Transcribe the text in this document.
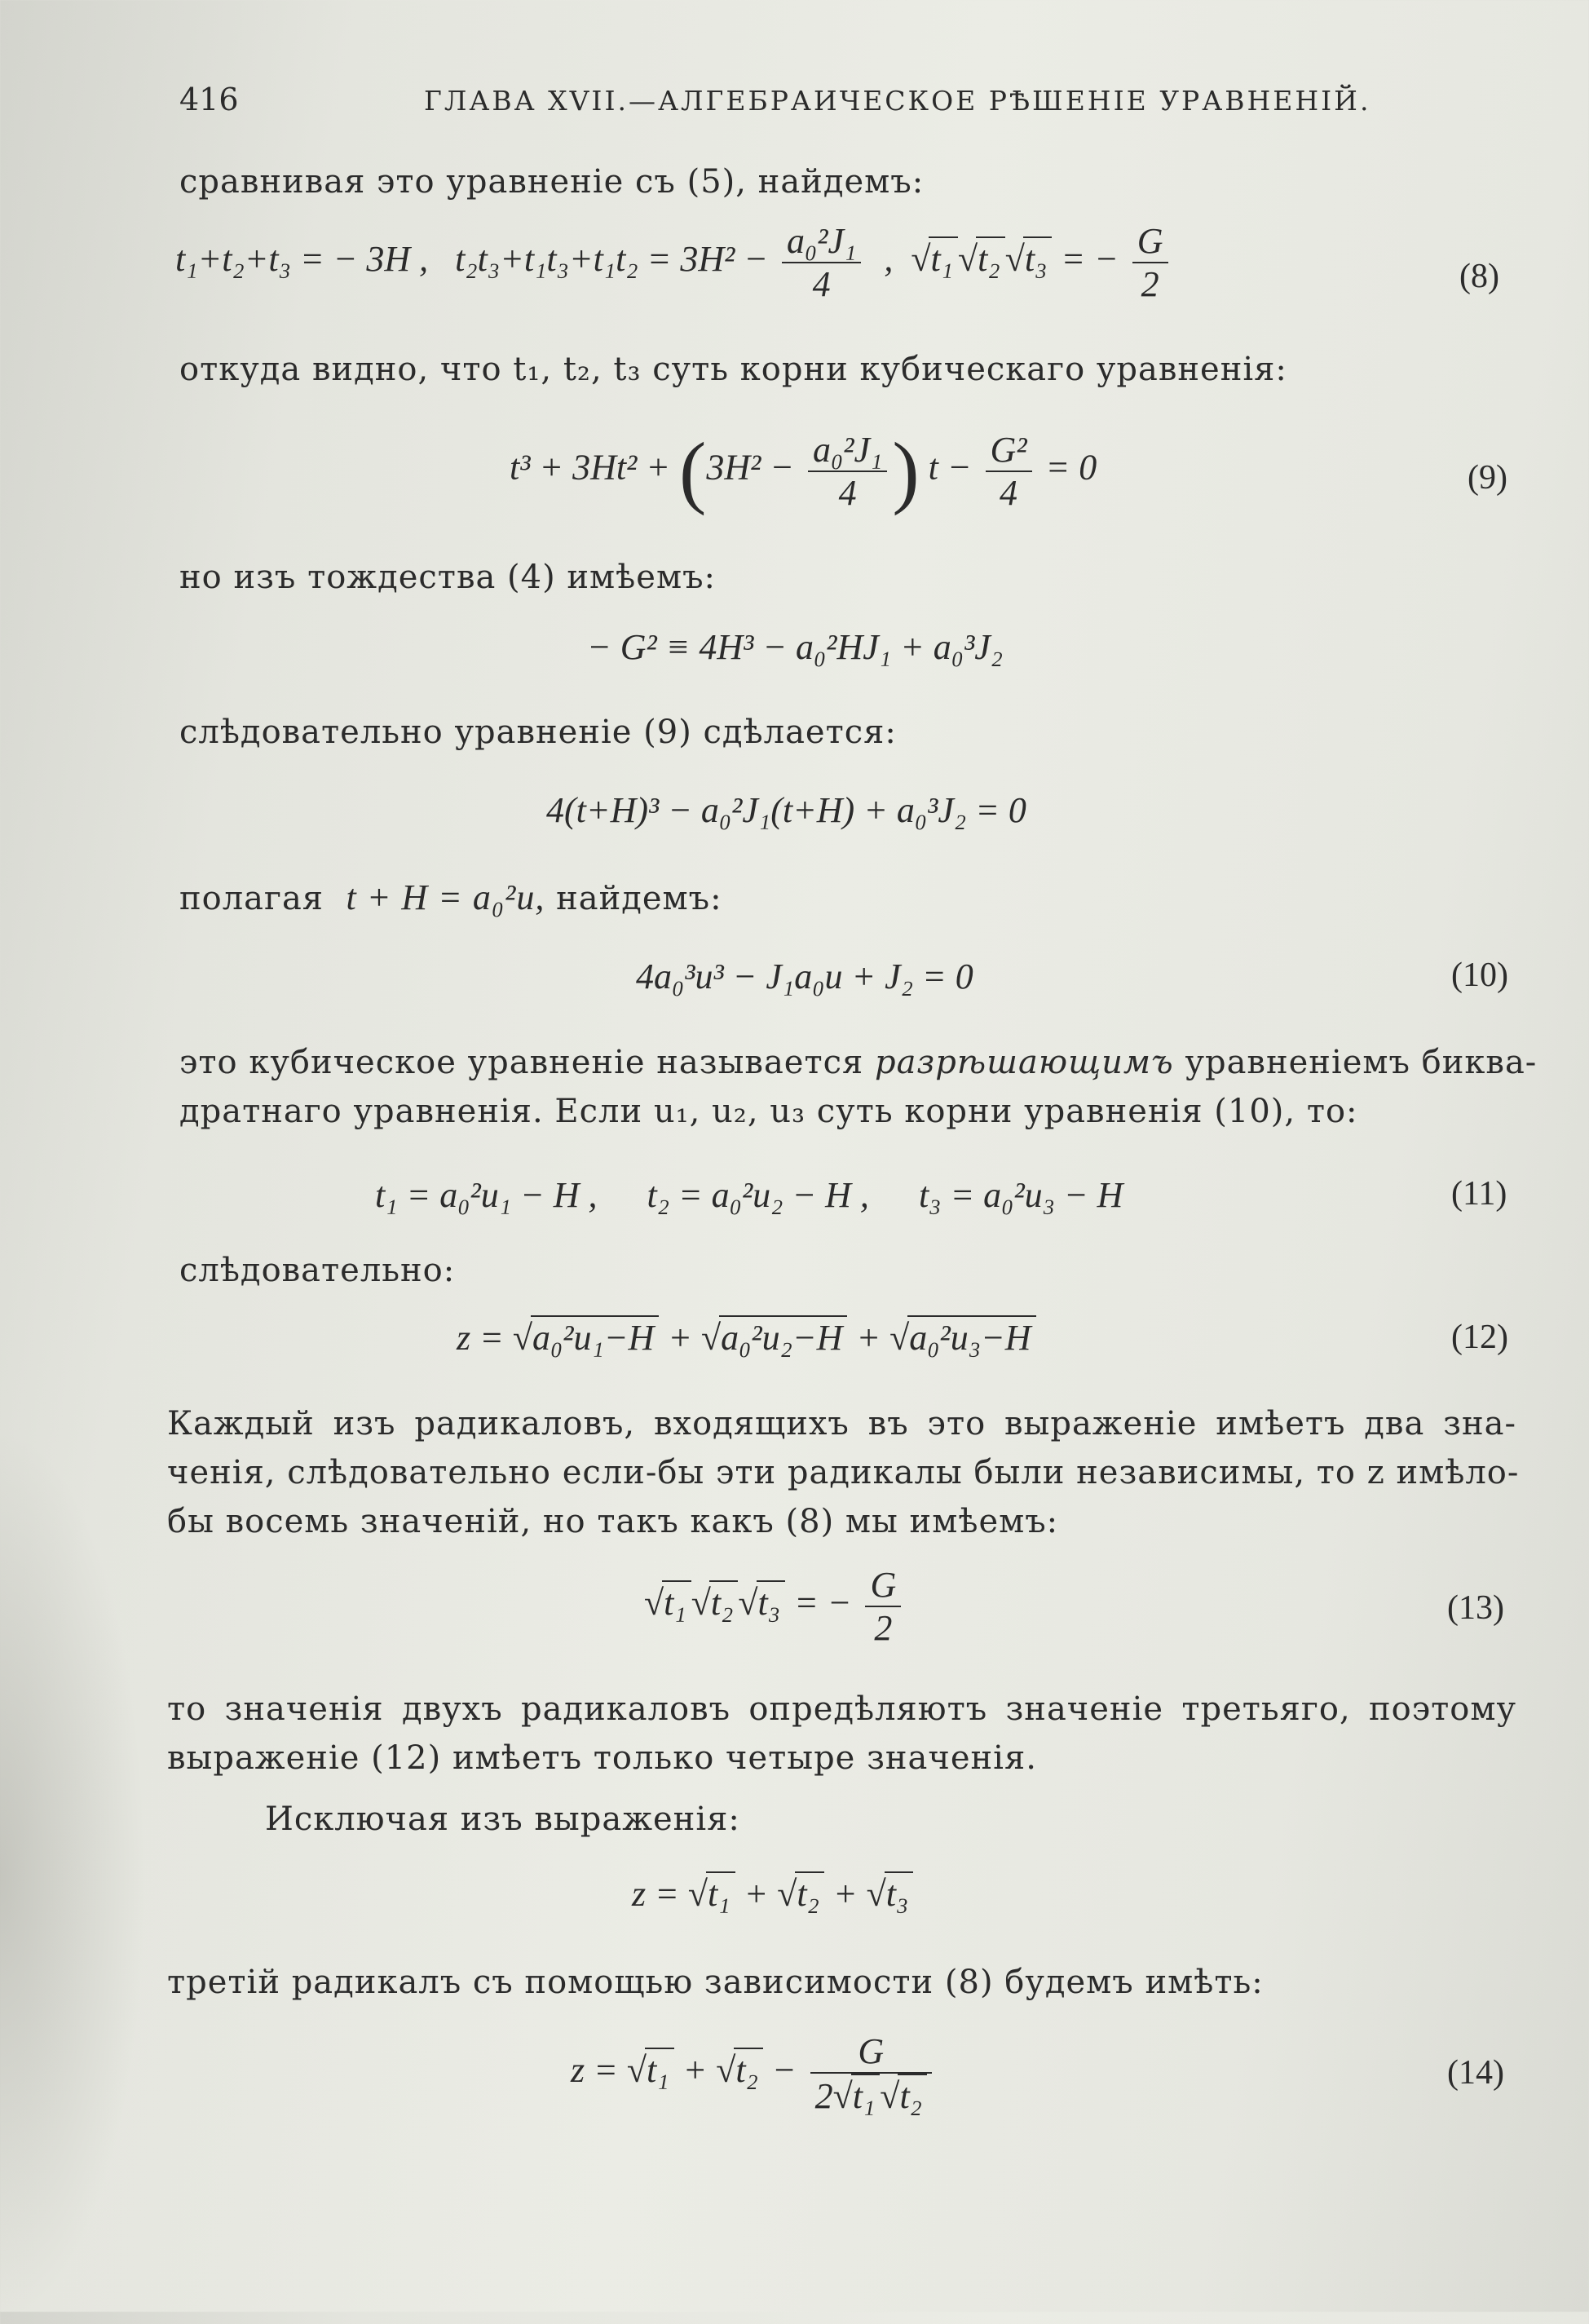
416	ГЛАВА XVII.—АЛГЕБРАИЧЕСКОЕ РѢШЕНІЕ УРАВНЕНІЙ.
сравнивая это уравненіе съ (5), найдемъ:
t₁+t₂+t₃ = − 3H , $t_2t_3+t_1t_3+t_1t_2 = 3H^2 - \frac{\text{a₀²J₁}}{4}$ ,  √t₁ √t₂ √t₃ = − $\frac{G}{2}$	(8)
откуда видно, что t₁, t₂, t₃ суть корни кубическаго уравненія:
$t^3 + 3Ht^2 + (3H^2 - \frac{\text{a₀²J₁}}{4}$ ) $t - \frac{\text{G²}}{4} = 0$	(9)
но изъ тождества (4) имѣемъ:
− G² ≡ 4H³ − a₀²HJ₁ + a₀³J₂
слѣдовательно уравненіе (9) сдѣлается:
4(t+H)³ − a₀²J₁(t+H) + a₀³J₂ = 0
полагая t + H = a₀²u, найдемъ:
4a₀³u³ − J₁a₀u + J₂ = 0	(10)
это кубическое уравненіе называется разрѣшающимъ уравненіемъ биква-
дратнаго уравненія. Если u₁, u₂, u₃ суть корни уравненія (10), то:
t₁ = a₀²u₁ − H , t₂ = a₀²u₂ − H , t₃ = a₀²u₃ − H	(11)
слѣдовательно:
z = √a₀²u₁−H + √a₀²u₂−H + √a₀²u₃−H	(12)
Каждый изъ радикаловъ, входящихъ въ это выраженіе имѣетъ два зна-
ченія, слѣдовательно если-бы эти радикалы были независимы, то z имѣло-
бы восемь значеній, но такъ какъ (8) мы имѣемъ:
√t₁ √t₂ √t₃ = − $\frac{G}{2}$	(13)
то значенія двухъ радикаловъ опредѣляютъ значеніе третьяго, поэтому
выраженіе (12) имѣетъ только четыре значенія.
Исключая изъ выраженія:
z = √t₁ + √t₂ + √t₃
третій радикалъ съ помощью зависимости (8) будемъ имѣть:
$z = √t_1 + √t_2 - \frac{G}{\text{2√t₁ √t₂}}$	(14)
